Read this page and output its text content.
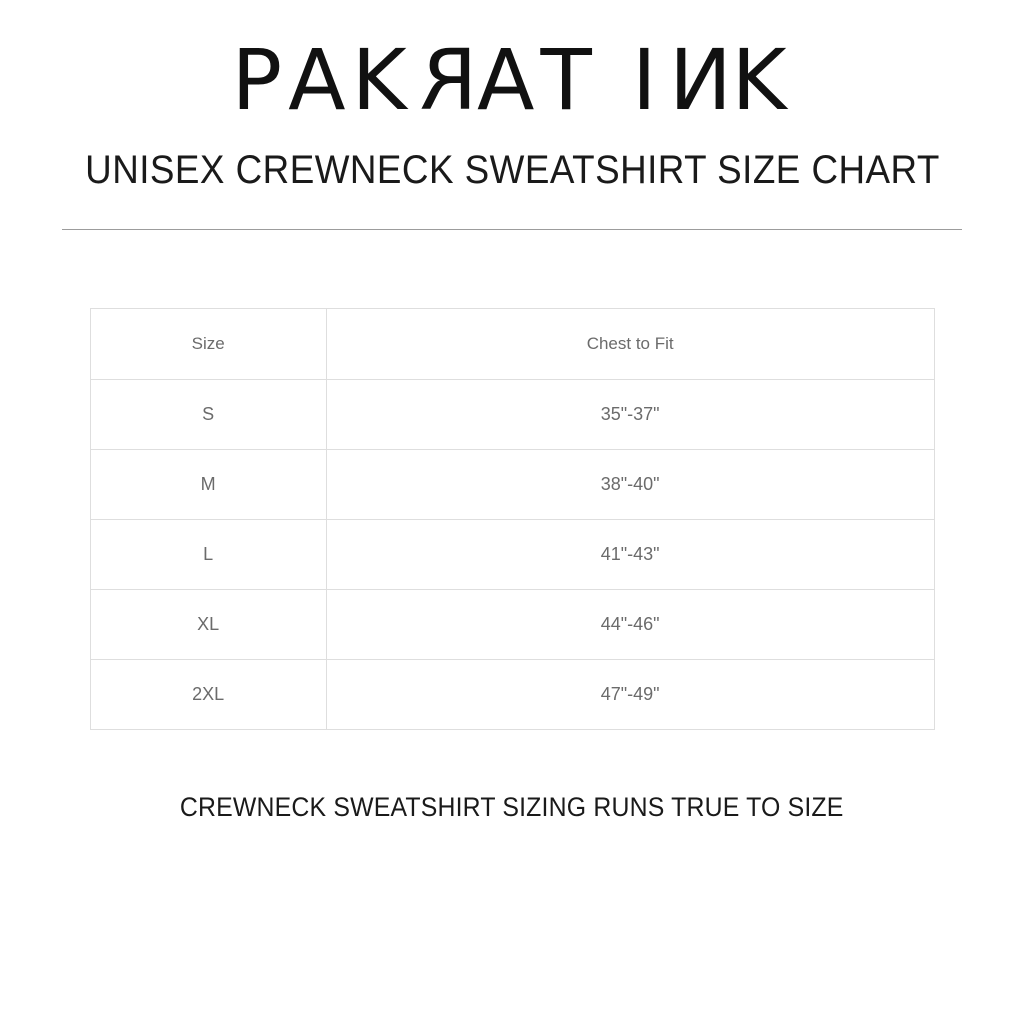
P A K R A T I N K
UNISEX CREWNECK SWEATSHIRT SIZE CHART
Size	Chest to Fit
S	35"-37"
M	38"-40"
L	41"-43"
XL	44"-46"
2XL	47"-49"
CREWNECK SWEATSHIRT SIZING RUNS TRUE TO SIZE
